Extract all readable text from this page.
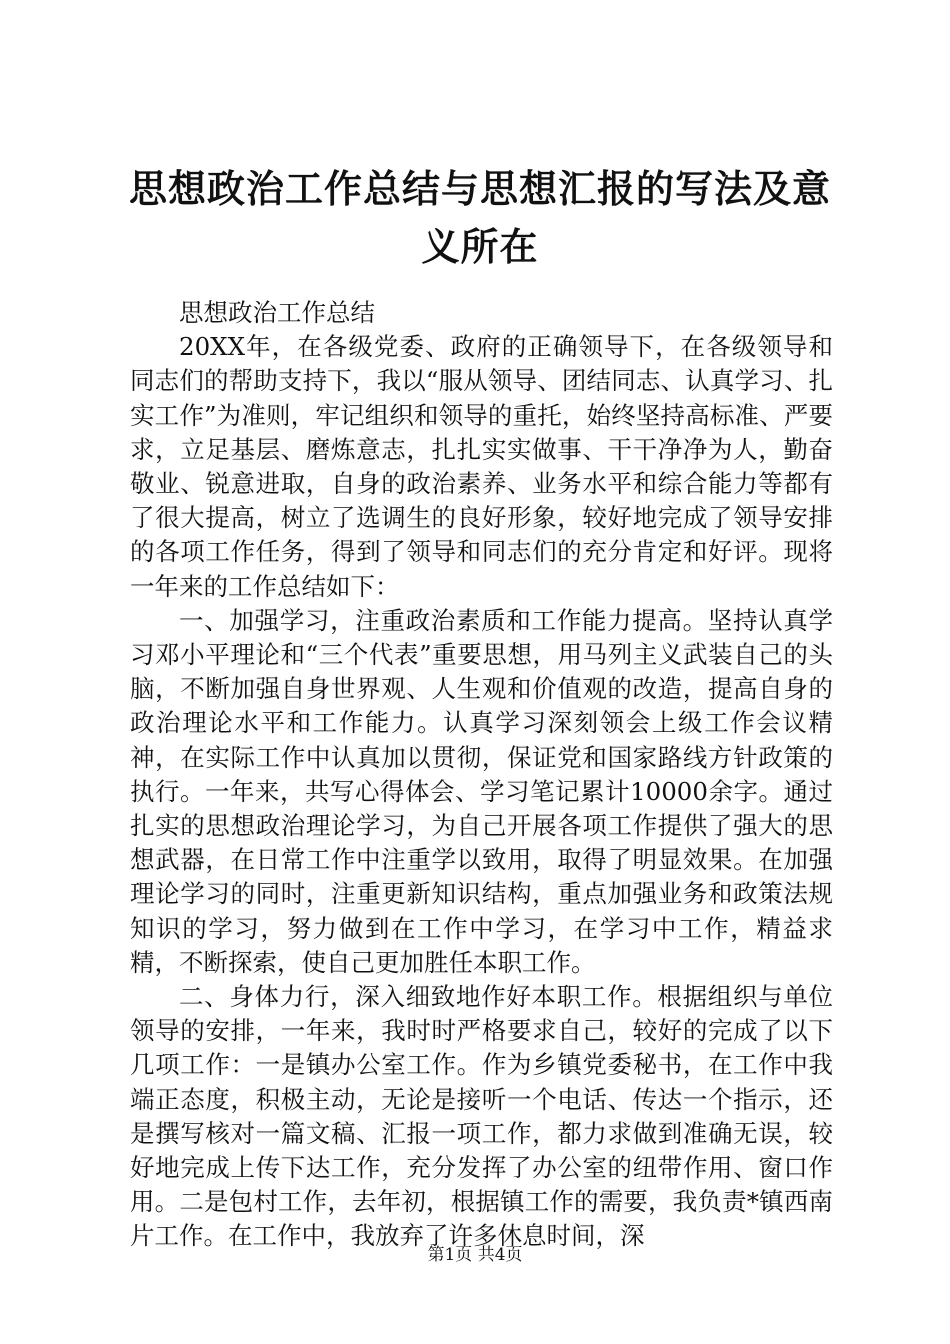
思想政治工作总结与思想汇报的写法及意义所在

思想政治工作总结

20XX年，在各级党委、政府的正确领导下，在各级领导和同志们的帮助支持下，我以“服从领导、团结同志、认真学习、扎实工作”为准则，牢记组织和领导的重托，始终坚持高标准、严要求，立足基层、磨炼意志，扎扎实实做事、干干净净为人，勤奋敬业、锐意进取，自身的政治素养、业务水平和综合能力等都有了很大提高，树立了选调生的良好形象，较好地完成了领导安排的各项工作任务，得到了领导和同志们的充分肯定和好评。现将一年来的工作总结如下：

一、加强学习，注重政治素质和工作能力提高。坚持认真学习邓小平理论和“三个代表”重要思想，用马列主义武装自己的头脑，不断加强自身世界观、人生观和价值观的改造，提高自身的政治理论水平和工作能力。认真学习深刻领会上级工作会议精神，在实际工作中认真加以贯彻，保证党和国家路线方针政策的执行。一年来，共写心得体会、学习笔记累计10000余字。通过扎实的思想政治理论学习，为自己开展各项工作提供了强大的思想武器，在日常工作中注重学以致用，取得了明显效果。在加强理论学习的同时，注重更新知识结构，重点加强业务和政策法规知识的学习，努力做到在工作中学习，在学习中工作，精益求精，不断探索，使自己更加胜任本职工作。

二、身体力行，深入细致地作好本职工作。根据组织与单位领导的安排，一年来，我时时严格要求自己，较好的完成了以下几项工作：一是镇办公室工作。作为乡镇党委秘书，在工作中我端正态度，积极主动，无论是接听一个电话、传达一个指示，还是撰写核对一篇文稿、汇报一项工作，都力求做到准确无误，较好地完成上传下达工作，充分发挥了办公室的纽带作用、窗口作用。二是包村工作，去年初，根据镇工作的需要，我负责*镇西南片工作。在工作中，我放弃了许多休息时间，深

第1页 共4页
